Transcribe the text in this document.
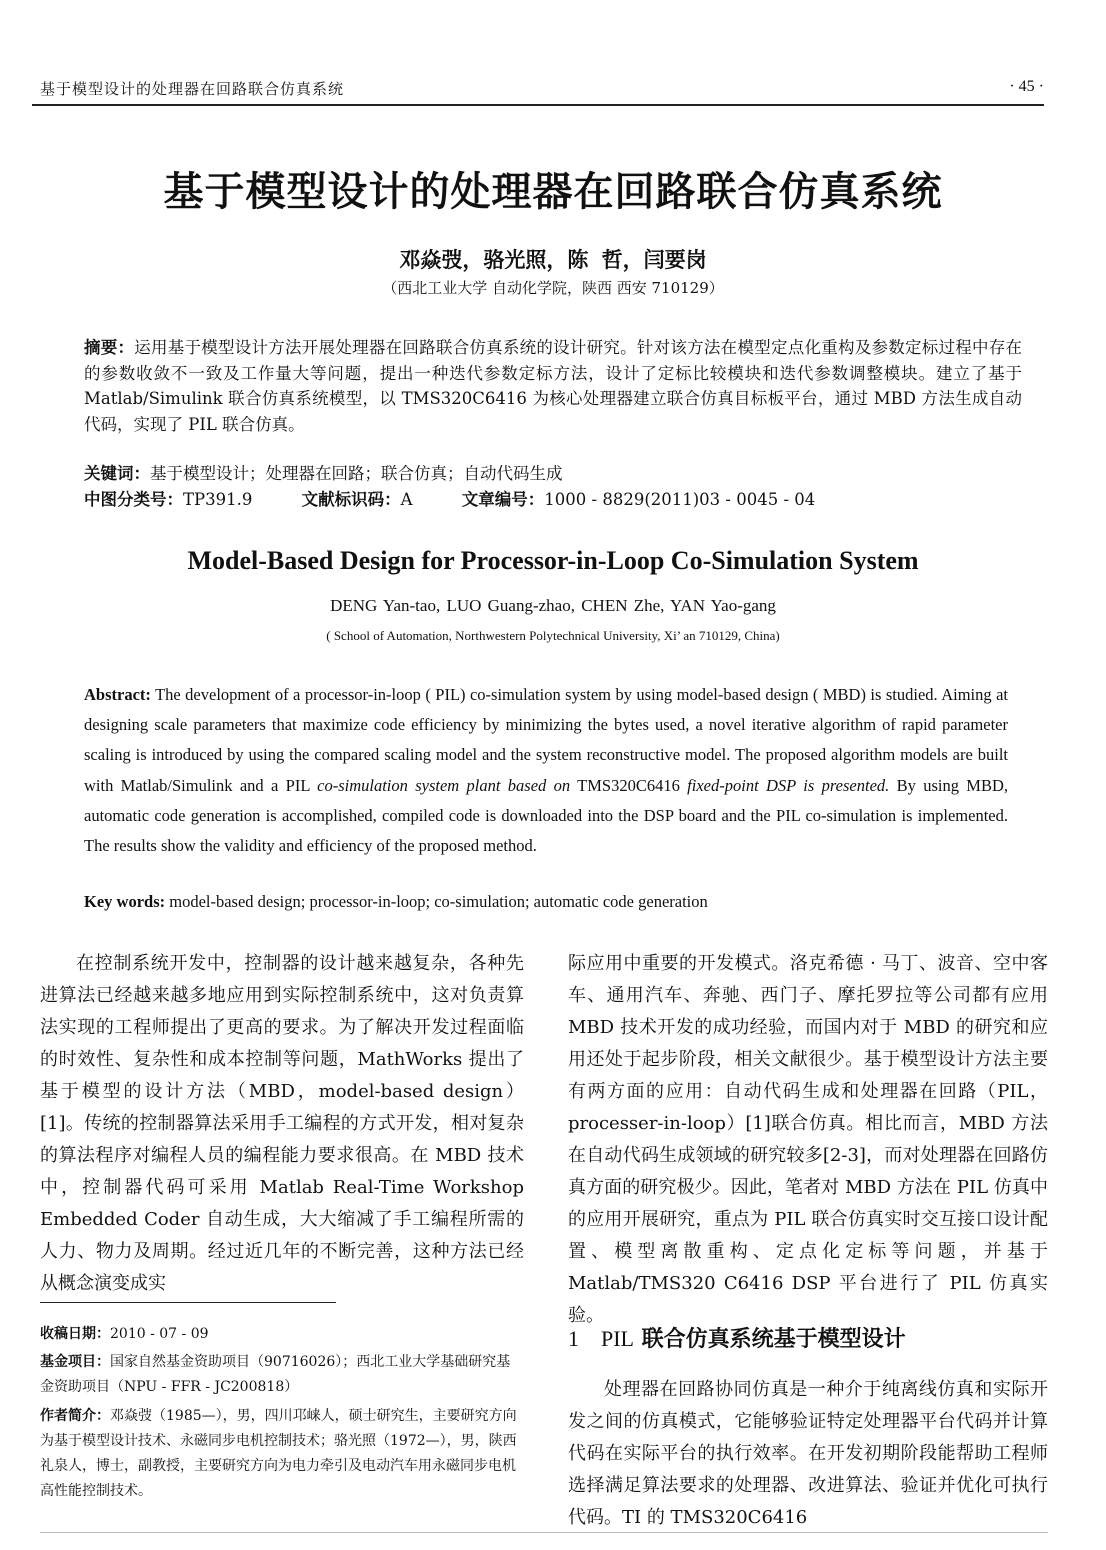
基于模型设计的处理器在回路联合仿真系统	· 45 ·
基于模型设计的处理器在回路联合仿真系统
邓焱弢，骆光照，陈 哲，闫要岗
（西北工业大学 自动化学院，陕西 西安 710129）
摘要：运用基于模型设计方法开展处理器在回路联合仿真系统的设计研究。针对该方法在模型定点化重构及参数定标过程中存在的参数收敛不一致及工作量大等问题，提出一种迭代参数定标方法，设计了定标比较模块和迭代参数调整模块。建立了基于 Matlab/Simulink 联合仿真系统模型，以 TMS320C6416 为核心处理器建立联合仿真目标板平台，通过 MBD 方法生成自动代码，实现了 PIL 联合仿真。
关键词：基于模型设计；处理器在回路；联合仿真；自动代码生成
中图分类号：TP391.9	文献标识码：A	文章编号：1000 - 8829(2011)03 - 0045 - 04
Model-Based Design for Processor-in-Loop Co-Simulation System
DENG Yan-tao, LUO Guang-zhao, CHEN Zhe, YAN Yao-gang
( School of Automation, Northwestern Polytechnical University, Xi’ an 710129, China)
Abstract: The development of a processor-in-loop ( PIL) co-simulation system by using model-based design ( MBD) is studied. Aiming at designing scale parameters that maximize code efficiency by minimizing the bytes used, a novel iterative algorithm of rapid parameter scaling is introduced by using the compared scaling model and the system reconstructive model. The proposed algorithm models are built with Matlab/Simulink and a PIL co-simulation system plant based on TMS320C6416 fixed-point DSP is presented. By using MBD, automatic code generation is accomplished, compiled code is downloaded into the DSP board and the PIL co-simulation is implemented. The results show the validity and efficiency of the proposed method.
Key words: model-based design; processor-in-loop; co-simulation; automatic code generation
在控制系统开发中，控制器的设计越来越复杂，各种先进算法已经越来越多地应用到实际控制系统中，这对负责算法实现的工程师提出了更高的要求。为了解决开发过程面临的时效性、复杂性和成本控制等问题，MathWorks 提出了基于模型的设计方法（MBD，model-based design）[1]。传统的控制器算法采用手工编程的方式开发，相对复杂的算法程序对编程人员的编程能力要求很高。在 MBD 技术中，控制器代码可采用 Matlab Real-Time Workshop Embedded Coder 自动生成，大大缩减了手工编程所需的人力、物力及周期。经过近几年的不断完善，这种方法已经从概念演变成实
际应用中重要的开发模式。洛克希德 · 马丁、波音、空中客车、通用汽车、奔驰、西门子、摩托罗拉等公司都有应用 MBD 技术开发的成功经验，而国内对于 MBD 的研究和应用还处于起步阶段，相关文献很少。基于模型设计方法主要有两方面的应用：自动代码生成和处理器在回路（PIL，processer-in-loop）[1]联合仿真。相比而言，MBD 方法在自动代码生成领域的研究较多[2-3]，而对处理器在回路仿真方面的研究极少。因此，笔者对 MBD 方法在 PIL 仿真中的应用开展研究，重点为 PIL 联合仿真实时交互接口设计配置、模型离散重构、定点化定标等问题，并基于 Matlab/TMS320 C6416 DSP 平台进行了 PIL 仿真实验。
收稿日期：2010 - 07 - 09
基金项目：国家自然基金资助项目（90716026）；西北工业大学基础研究基金资助项目（NPU - FFR - JC200818）
作者简介：邓焱弢（1985—），男，四川邛崃人，硕士研究生，主要研究方向为基于模型设计技术、永磁同步电机控制技术；骆光照（1972—），男，陕西礼泉人，博士，副教授，主要研究方向为电力牵引及电动汽车用永磁同步电机高性能控制技术。
1 PIL 联合仿真系统基于模型设计
处理器在回路协同仿真是一种介于纯离线仿真和实际开发之间的仿真模式，它能够验证特定处理器平台代码并计算代码在实际平台的执行效率。在开发初期阶段能帮助工程师选择满足算法要求的处理器、改进算法、验证并优化可执行代码。TI 的 TMS320C6416
